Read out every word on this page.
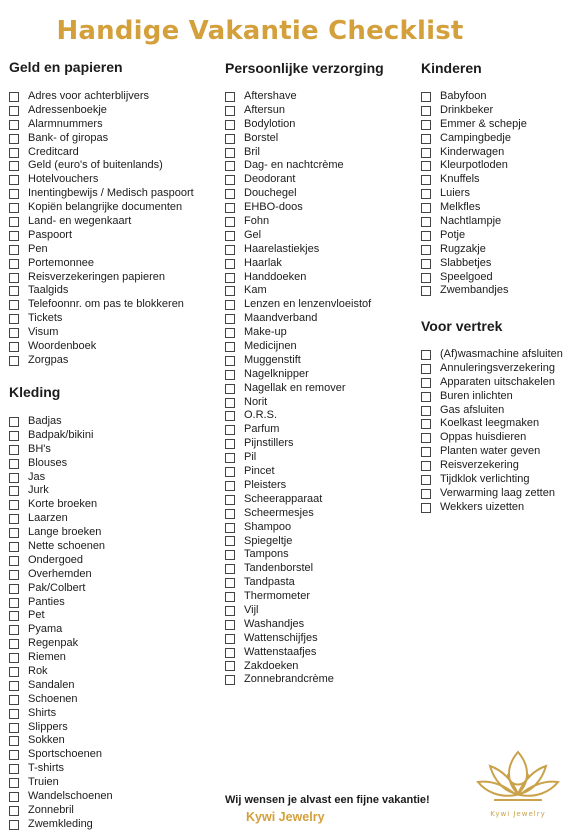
Handige Vakantie Checklist
Geld en papieren
Adres voor achterblijvers
Adressenboekje
Alarmnummers
Bank- of giropas
Creditcard
Geld (euro's of buitenlands)
Hotelvouchers
Inentingbewijs / Medisch paspoort
Kopiën belangrijke documenten
Land- en wegenkaart
Paspoort
Pen
Portemonnee
Reisverzekeringen papieren
Taalgids
Telefoonnr. om pas te blokkeren
Tickets
Visum
Woordenboek
Zorgpas
Kleding
Badjas
Badpak/bikini
BH's
Blouses
Jas
Jurk
Korte broeken
Laarzen
Lange broeken
Nette schoenen
Ondergoed
Overhemden
Pak/Colbert
Panties
Pet
Pyama
Regenpak
Riemen
Rok
Sandalen
Schoenen
Shirts
Slippers
Sokken
Sportschoenen
T-shirts
Truien
Wandelschoenen
Zonnebril
Zwemkleding
Persoonlijke verzorging
Aftershave
Aftersun
Bodylotion
Borstel
Bril
Dag- en nachtcrème
Deodorant
Douchegel
EHBO-doos
Fohn
Gel
Haarelastiekjes
Haarlak
Handdoeken
Kam
Lenzen en lenzenvloeistof
Maandverband
Make-up
Medicijnen
Muggenstift
Nagelknipper
Nagellak en remover
Norit
O.R.S.
Parfum
Pijnstillers
Pil
Pincet
Pleisters
Scheerapparaat
Scheermesjes
Shampoo
Spiegeltje
Tampons
Tandenborstel
Tandpasta
Thermometer
Vijl
Washandjes
Wattenschijfjes
Wattenstaafjes
Zakdoeken
Zonnebrandcrème
Kinderen
Babyfoon
Drinkbeker
Emmer & schepje
Campingbedje
Kinderwagen
Kleurpotloden
Knuffels
Luiers
Melkfles
Nachtlampje
Potje
Rugzakje
Slabbetjes
Speelgoed
Zwembandjes
Voor vertrek
(Af)wasmachine afsluiten
Annuleringsverzekering
Apparaten uitschakelen
Buren inlichten
Gas afsluiten
Koelkast leegmaken
Oppas huisdieren
Planten water geven
Reisverzekering
Tijdklok verlichting
Verwarming laag zetten
Wekkers uizetten
Wij wensen je alvast een fijne vakantie!
Kywi Jewelry	Kywi Jewelry
